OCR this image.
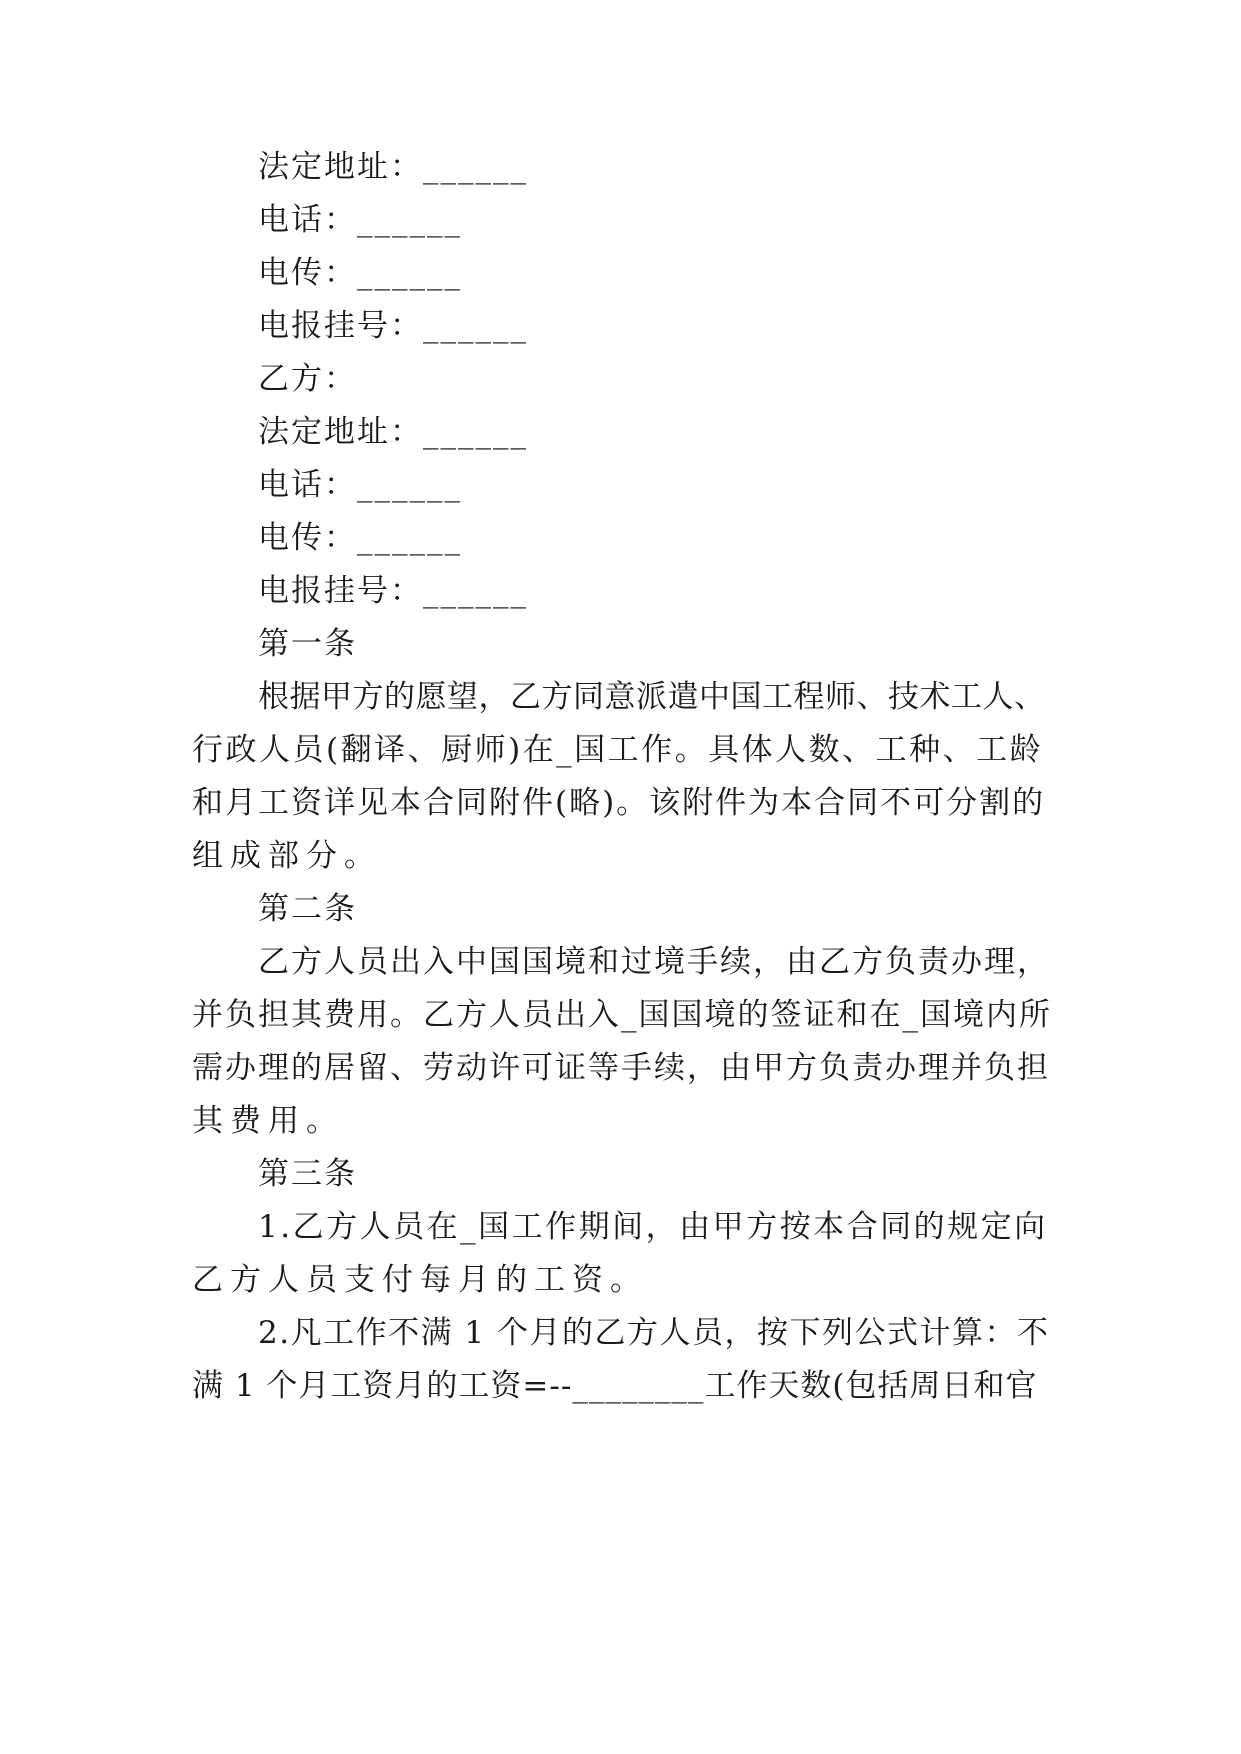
法定地址：______
电话：______
电传：______
电报挂号：______
乙方：
法定地址：______
电话：______
电传：______
电报挂号：______
第一条
根据甲方的愿望，乙方同意派遣中国工程师、技术工人、
行政人员(翻译、厨师)在_国工作。具体人数、工种、工龄
和月工资详见本合同附件(略)。该附件为本合同不可分割的
组成部分。
第二条
乙方人员出入中国国境和过境手续，由乙方负责办理，
并负担其费用。乙方人员出入_国国境的签证和在_国境内所
需办理的居留、劳动许可证等手续，由甲方负责办理并负担
其费用。
第三条
1.乙方人员在_国工作期间，由甲方按本合同的规定向
乙方人员支付每月的工资。
2.凡工作不满 1 个月的乙方人员，按下列公式计算：不
满 1 个月工资月的工资=--________工作天数(包括周日和官
